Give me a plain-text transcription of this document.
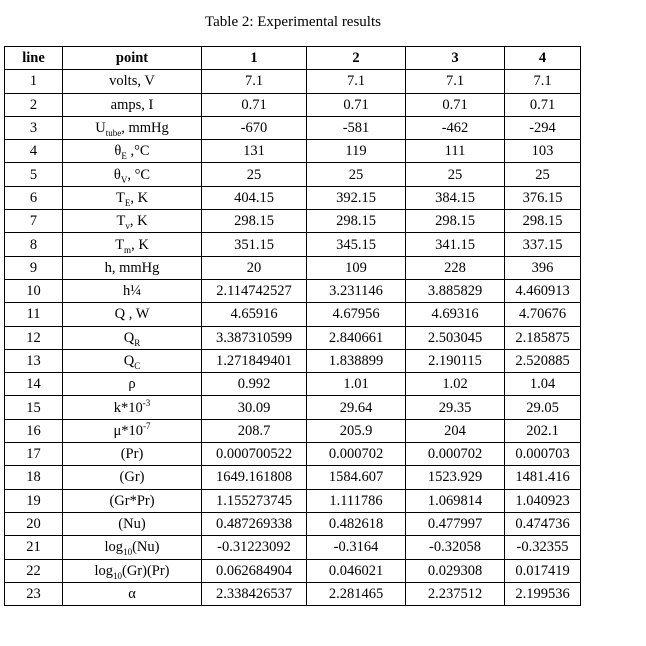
Table 2: Experimental results
line	point	1	2	3	4
1	volts, V	7.1	7.1	7.1	7.1
2	amps, I	0.71	0.71	0.71	0.71
3	$U_{tube}$, mmHg	-670	-581	-462	-294
4	$\theta_E$ ,°C	131	119	111	103
5	$\theta_V$, °C	25	25	25	25
6	$T_E$, K	404.15	392.15	384.15	376.15
7	$T_v$, K	298.15	298.15	298.15	298.15
8	$T_m$, K	351.15	345.15	341.15	337.15
9	h, mmHg	20	109	228	396
10	h¼	2.114742527	3.231146	3.885829	4.460913
11	Q , W	4.65916	4.67956	4.69316	4.70676
12	$Q_R$	3.387310599	2.840661	2.503045	2.185875
13	$Q_C$	1.271849401	1.838899	2.190115	2.520885
14	ρ	0.992	1.01	1.02	1.04
15	$k*10^{-3}$	30.09	29.64	29.35	29.05
16	$\mu*10^{-7}$	208.7	205.9	204	202.1
17	(Pr)	0.000700522	0.000702	0.000702	0.000703
18	(Gr)	1649.161808	1584.607	1523.929	1481.416
19	(Gr*Pr)	1.155273745	1.111786	1.069814	1.040923
20	(Nu)	0.487269338	0.482618	0.477997	0.474736
21	$\log_{10}(Nu)$	-0.31223092	-0.3164	-0.32058	-0.32355
22	$\log_{10}(Gr)(Pr)$	0.062684904	0.046021	0.029308	0.017419
23	α	2.338426537	2.281465	2.237512	2.199536
